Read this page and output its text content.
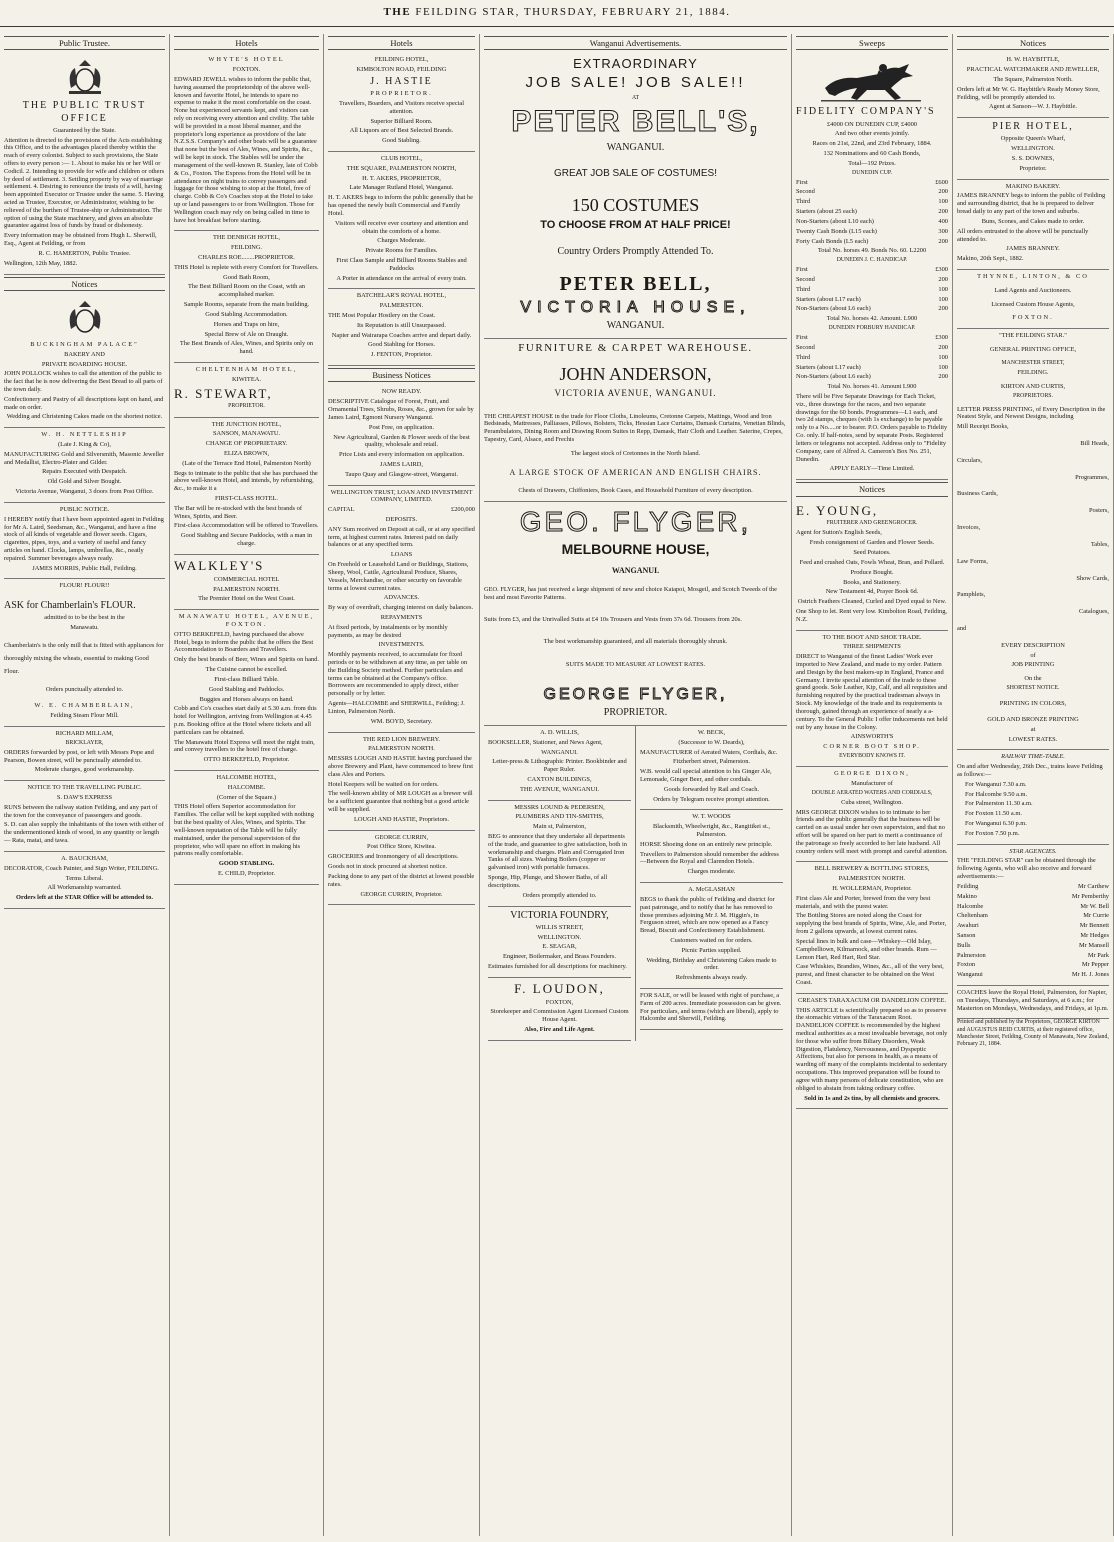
THE FEILDING STAR, THURSDAY, FEBRUARY 21, 1884.
Public Trustee.

THE PUBLIC TRUST OFFICE

Guaranteed by the State.

Attention is directed to the provisions of the Acts establishing this Office, and to the advantages placed thereby within the reach of every colonist. Subject to such provisions, the State offers to every person :— 1. About to make his or her Will or Codicil. 2. Intending to provide for wife and children or others by deed of settlement. 3. Settling property by way of marriage settlement. 4. Desiring to renounce the trusts of a will, having been appointed Executor or Trustee under the same. 5. Having acted as Trustee, Executor, or Administrator, wishing to be relieved of the burthen of Trustee-ship or Administration. The option of using the State machinery, and gives an absolute guarantee against loss of funds by fraud or dishonesty.

Every information may be obtained from Hugh L. Sherwill, Esq., Agent at Feilding, or from

R. C. HAMERTON, Public Trustee.

Wellington, 12th May, 1882.

Notices

BUCKINGHAM PALACE"

BAKERY AND

PRIVATE BOARDING HOUSE.

JOHN POLLOCK wishes to call the attention of the public to the fact that he is now delivering the Best Bread to all parts of the town daily.

Confectionery and Pastry of all descriptions kept on hand, and made on order.

Wedding and Christening Cakes made on the shortest notice.

W. H. NETTLESHIP

(Late J. King & Co),

MANUFACTURING Gold and Silversmith, Masonic Jeweller and Medallist, Electro-Plater and Gilder.

Repairs Executed with Despatch.

Old Gold and Silver Bought.

Victoria Avenue, Wanganui, 3 doors from Post Office.

PUBLIC NOTICE.

I HEREBY notify that I have been appointed agent in Feilding for Mr A. Laird, Seedsman, &c., Wanganui, and have a fine stock of all kinds of vegetable and flower seeds. Cigars, cigarettes, pipes, toys, and a variety of useful and fancy articles on hand. Clocks, lamps, umbrellas, &c., neatly repaired. Summer beverages always ready.

JAMES MORRIS, Public Hall, Feilding.

FLOUR! FLOUR!!

ASK for Chamberlain's FLOUR.

admitted to to be the best in the

Manawatu.

Chamberlain's is the only mill that is fitted with appliances for thoroughly mixing the wheats, essential to making Good Flour.

Orders punctually attended to.

W. E. CHAMBERLAIN,

Feilding Steam Flour Mill.

RICHARD MILLAM,

BRICKLAYER,

ORDERS forwarded by post, or left with Messrs Pope and Pearson, Bowen street, will be punctually attended to.

Moderate charges, good workmanship.

NOTICE TO THE TRAVELLING PUBLIC.

S. DAW'S EXPRESS

RUNS between the railway station Feilding, and any part of the town for the conveyance of passengers and goods.

S. D. can also supply the inhabitants of the town with either of the undermentioned kinds of wood, in any quantity or length— Rata, matai, and tawa.

A. BAUCKHAM,

DECORATOR, Coach Painter, and Sign Writer, FEILDING.

Terms Liberal.

All Workmanship warranted.

Orders left at the STAR Office will be attended to.

Hotels

WHYTE'S HOTEL

FOXTON.

EDWARD JEWELL wishes to inform the public that, having assumed the proprietorship of the above well-known and favorite Hotel, he intends to spare no expense to make it the most comfortable on the coast. None but experienced servants kept, and visitors can rely on receiving every attention and civility. The table will be provided in a most liberal manner, and the proprietor's long experience as providore of the late N.Z.S.S. Company's and other boats will be a guarantee that none but the best of Ales, Wines, and Spirits, &c., will be kept in stock. The Stables will be under the management of the well-known R. Stanley, late of Cobb & Co., Foxton. The Express from the Hotel will be in attendance on night trains to convey passengers and luggage for those wishing to stop at the Hotel, free of charge. Cobb & Co's Coaches stop at the Hotel to take up or land passengers to or from Wellington. Those for Wellington coach may rely on being called in time to have hot breakfast before starting.

THE DENBIGH HOTEL,

FEILDING.

CHARLES ROE........PROPRIETOR.

THIS Hotel is replete with every Comfort for Travellers.

Good Bath Room,

The Best Billiard Room on the Coast, with an accomplished marker.

Sample Rooms, separate from the main building.

Good Stabling Accommodation.

Horses and Traps on hire,

Special Brew of Ale on Draught.

The Best Brands of Ales, Wines, and Spirits only on hand.

CHELTENHAM HOTEL,

KIWITEA.

R. STEWART,

PROPRIETOR.

THE JUNCTION HOTEL,

SANSON, MANAWATU.

CHANGE OF PROPRIETARY.

ELIZA BROWN,

(Late of the Terrace End Hotel, Palmerston North)

Begs to intimate to the public that she has purchased the above well-known Hotel, and intends, by refurnishing, &c., to make it a

FIRST-CLASS HOTEL.

The Bar will be re-stocked with the best brands of Wines, Spirits, and Beer.

First-class Accommodation will be offered to Travellers.

Good Stabling and Secure Paddocks, with a man in charge.

WALKLEY'S

COMMERCIAL HOTEL

PALMERSTON NORTH.

The Premier Hotel on the West Coast.

MANAWATU HOTEL, AVENUE, FOXTON.

OTTO BERKEFELD, having purchased the above Hotel, begs to inform the public that he offers the Best Accommodation to Boarders and Travellers.

Only the best brands of Beer, Wines and Spirits on hand.

The Cuisine cannot be excelled.

First-class Billiard Table.

Good Stabling and Paddocks.

Buggies and Horses always on hand.

Cobb and Co's coaches start daily at 5.30 a.m. from this hotel for Wellington, arriving from Wellington at 4.45 p.m. Booking office at the Hotel where tickets and all particulars can be obtained.

The Manawatu Hotel Express will meet the night train, and convey travellers to the hotel free of charge.

OTTO BERKEFELD, Proprietor.

HALCOMBE HOTEL,

HALCOMBE.

(Corner of the Square.)

THIS Hotel offers Superior accommodation for Families. The cellar will be kept supplied with nothing but the best quality of Ales, Wines, and Spirits. The well-known reputation of the Table will be fully maintained, under the personal supervision of the proprietor, who will spare no effort in making his patrons really comfortable.

GOOD STABLING.

E. CHILD, Proprietor.

Hotels

FEILDING HOTEL,

KIMBOLTON ROAD, FEILDING

J. HASTIE

PROPRIETOR.

Travellers, Boarders, and Visitors receive special attention.

Superior Billiard Room.

All Liquors are of Best Selected Brands.

Good Stabling.

CLUB HOTEL,

THE SQUARE, PALMERSTON NORTH,

H. T. AKERS, PROPRIETOR,

Late Manager Rutland Hotel, Wanganui.

H. T. AKERS begs to inform the public generally that he has opened the newly built Commercial and Family Hotel.

Visitors will receive ever courtesy and attention and obtain the comforts of a home.

Charges Moderate.

Private Rooms for Families.

First Class Sample and Billiard Rooms Stables and Paddocks

A Porter in attendance on the arrival of every train.

BATCHELAR'S ROYAL HOTEL,

PALMERSTON.

THE Most Popular Hostlery on the Coast.

Its Reputation is still Unsurpassed.

Napier and Wairarapa Coaches arrive and depart daily.

Good Stabling for Horses.

J. FENTON, Proprietor.

Business Notices

NOW READY.

DESCRIPTIVE Catalogue of Forest, Fruit, and Ornamental Trees, Shrubs, Roses, &c., grown for sale by James Laird, Egmont Nursery Wanganui.

Post Free, on application.

New Agricultural, Garden & Flower seeds of the best quality, wholesale and retail.

Price Lists and every information on application.

JAMES LAIRD,

Taupo Quay and Glasgow-street, Wanganui.

WELLINGTON TRUST, LOAN AND INVESTMENT COMPANY, LIMITED.

CAPITAL	£200,000

DEPOSITS.

ANY Sum received on Deposit at call, or at any specified term, at highest current rates. Interest paid on daily balances or at any specified term.

LOANS

On Freehold or Leasehold Land or Buildings, Stations, Sheep, Wool, Cattle, Agricultural Produce, Shares, Vessels, Merchandise, or other security on favorable terms at lowest current rates.

ADVANCES.

By way of overdraft, charging interest on daily balances.

REPAYMENTS

At fixed periods, by instalments or by monthly payments, as may be desired

INVESTMENTS.

Monthly payments received, to accumulate for fixed periods or to be withdrawn at any time, as per table on the Building Society method. Further particulars and terms can be obtained at the Company's office. Borrowers are recommended to apply direct, either personally or by letter.

Agents—HALCOMBE and SHERWILL, Feilding; J. Linton, Palmerston North.

WM. BOYD, Secretary.

THE RED LION BREWERY.

PALMERSTON NORTH.

MESSRS LOUGH AND HASTIE having purchased the above Brewery and Plant, have commenced to brew first class Ales and Porters.

Hotel Keepers will be waited on for orders.

The well-known ability of MR LOUGH as a brewer will be a sufficient guarantee that nothing but a good article will be supplied.

LOUGH AND HASTIE, Proprietors.

GEORGE CURRIN,

Post Office Store, Kiwitea.

GROCERIES and Ironmongery of all descriptions.

Goods not in stock procured at shortest notice.

Packing done to any part of the district at lowest possible rates.

GEORGE CURRIN, Proprietor.

Wanganui Advertisements.

EXTRAORDINARY

JOB SALE! JOB SALE!!

AT

PETER BELL'S,

WANGANUI.

GREAT JOB SALE OF COSTUMES!

150 COSTUMES

TO CHOOSE FROM AT HALF PRICE!

Country Orders Promptly Attended To.

PETER BELL,

VICTORIA HOUSE,

WANGANUI.

FURNITURE & CARPET WAREHOUSE.

JOHN ANDERSON,

VICTORIA AVENUE, WANGANUI.

THE CHEAPEST HOUSE in the trade for Floor Cloths, Linoleums, Cretonne Carpets, Mattings, Wood and Iron Bedsteads, Mattresses, Palliasses, Pillows, Bolsters, Ticks, Hessian Lace Curtains, Damask Curtains, Venetian Blinds, Perambulators, Dining Room and Drawing Room Suites in Repp, Damask, Hair Cloth and Leather. Saterine, Crepes, Tapestry, Card, Alsace, and Frechis

The largest stock of Cretonnes in the North Island.

A LARGE STOCK OF AMERICAN AND ENGLISH CHAIRS.

Chests of Drawers, Chiffoniers, Book Cases, and Household Furniture of every description.

GEO. FLYGER,

MELBOURNE HOUSE,

WANGANUI.

GEO. FLYGER, has just received a large shipment of new and choice Kaiapoi, Mosgeil, and Scotch Tweeds of the best and most Favorite Patterns.

Suits from £3, and the Unrivalled Suits at £4 10s Trousers and Vests from 37s 6d. Trousers from 20s.

The best workmanship guaranteed, and all materials thoroughly shrunk.

SUITS MADE TO MEASURE AT LOWEST RATES.

GEORGE FLYGER,

PROPRIETOR.

A. D. WILLIS,

BOOKSELLER, Stationer, and News Agent,

WANGANUI.

Letter-press & Lithographic Printer. Bookbinder and Paper Ruler.

CAXTON BUILDINGS,

THE AVENUE, WANGANUI.

MESSRS LOUND & PEDERSEN,

PLUMBERS AND TIN-SMITHS,

Main st, Palmerston,

BEG to announce that they undertake all departments of the trade, and guarantee to give satisfaction, both in workmanship and charges. Plain and Corrugated Iron Tanks of all sizes. Washing Boilers (copper or galvanised iron) with portable furnaces.

Sponge, Hip, Plunge, and Shower Baths, of all descriptions.

Orders promptly attended to.

VICTORIA FOUNDRY,

WILLIS STREET,

WELLINGTON.

E. SEAGAR,

Engineer, Boilermaker, and Brass Founders.

Estimates furnished for all descriptions for machinery.

F. LOUDON,

FOXTON,

Storekeeper and Commission Agent Licensed Custom House Agent.

Also, Fire and Life Agent.

W. BECK,

(Successor to W. Deards),

MANUFACTURER of Aerated Waters, Cordials, &c.

Fitzherbert street, Palmerston.

W.B. would call special attention to his Ginger Ale, Lemonade, Ginger Beer, and other cordials.

Goods forwarded by Rail and Coach.

Orders by Telegram receive prompt attention.

W. T. WOODS

Blacksmith, Wheelwright, &c., Rangitikei st., Palmerston.

HORSE Shoeing done on an entirely new principle.

Travellers to Palmerston should remember the address—Between the Royal and Clarendon Hotels.

Charges moderate.

A. McGLASHAN

BEGS to thank the public of Feilding and district for past patronage, and to notify that he has removed to those premises adjoining Mr J. M. Higgin's, in Ferguson street, which are now opened as a Fancy Bread, Biscuit and Confectionery Establishment.

Customers waited on for orders.

Picnic Parties supplied.

Wedding, Birthday and Christening Cakes made to order.

Refreshments always ready.

FOR SALE, or will be leased with right of purchase, a Farm of 200 acres. Immediate possession can be given. For particulars, and terms (which are liberal), apply to Halcombe and Sherwill, Feilding.

Sweeps

FIDELITY COMPANY'S

£4000 ON DUNEDIN CUP, £4000

And two other events jointly.

Races on 21st, 22nd, and 23rd February, 1884.

132 Nominations and 60 Cash Bonds,

Total—192 Prizes.

DUNEDIN CUP.

First	£600

Second	200

Third	100

Starters (about 25 each)	200

Non-Starters (about L10 each)	400

Twenty Cash Bonds (L15 each)	300

Forty Cash Bonds (L5 each)	200

Total No. horses 49. Bonds No. 60. L2200

DUNEDIN J. C. HANDICAP.

First	£300

Second	200

Third	100

Starters (about L17 each)	100

Non-Starters (about L6 each)	200

Total No. horses 42. Amount. L900

DUNEDIN FORBURY HANDICAP.

First	£300

Second	200

Third	100

Starters (about L17 each)	100

Non-Starters (about L6 each)	200

Total No. horses 41. Amount L900

There will be Five Separate Drawings for Each Ticket, viz., three drawings for the races, and two separate drawings for the 60 bonds. Programmes—L1 each, and two 2d stamps, cheques (with 1s exchange) to be payable only to a No.....or to bearer. P.O. Orders payable to Fidelity Co. only. If half-notes, send by separate Posts. Registered letters or telegrams not accepted. Address only to "Fidelity Company, care of Alfred A. Cameron's Box No. 251, Dunedin.

APPLY EARLY—Time Limited.

Notices

E. YOUNG,

FRUITERER AND GREENGROCER.

Agent for Sutton's English Seeds,

Fresh consignment of Garden and Flower Seeds.

Seed Potatoes.

Feed and crushed Oats, Fowls Wheat, Bran, and Pollard.

Produce Bought.

Books, and Stationery.

New Testament 4d, Prayer Book 6d.

Ostrich Feathers Cleaned, Curled and Dyed equal to New.

One Shop to let. Rent very low. Kimbolton Road, Feilding, N.Z.

TO THE BOOT AND SHOE TRADE.

THREE SHIPMENTS

DIRECT to Wanganui of the finest Ladies' Work ever imported to New Zealand, and made to my order. Pattern and Design by the best makers-up in England, France and Germany. I invite special attention of the trade to these grand goods. Sole Leather, Kip, Calf, and all requisites and furnishing required by the practical tradesman always in Stock. My knowledge of the trade and its requirements is thorough, gained through an experience of nearly a a-century. To the General Public I offer inducements not held out by any house in the Colony.

AINSWORTH'S

CORNER BOOT SHOP.

EVERYBODY KNOWS IT.

GEORGE DIXON,

Manufacturer of

DOUBLE AERATED WATERS AND CORDIALS,

Cuba street, Wellington.

MRS GEORGE DIXON wishes to to intimate to her friends and the public generally that the business will be carried on as usual under her own supervision, and that no effort will be spared on her part to merit a continuance of the patronage so freely accorded to her late husband. All country orders will meet with prompt and careful attention.

BELL BREWERY & BOTTLING STORES,

PALMERSTON NORTH.

H. WOLLERMAN, Proprietor.

First class Ale and Porter, brewed from the very best materials, and with the purest water.

The Bottling Stores are noted along the Coast for supplying the best brands of Spirits, Wine, Ale, and Porter, from 2 gallons upwards, at lowest current rates.

Special lines in bulk and case—Whiskey—Old Islay, Campbelltown, Kilmarnock, and other brands. Rum —Lemon Hart, Red Hart, Red Star.

Case Whiskies, Brandies, Wines, &c., all of the very best, purest, and finest character to be obtained on the West Coast.

CREASE'S TARAXACUM OR DANDELION COFFEE.

THIS ARTICLE is scientifically prepared so as to preserve the stomachic virtues of the Taraxacum Root. DANDELION COFFEE is recommended by the highest medical authorities as a most invaluable beverage, not only for those who suffer from Biliary Disorders, Weak Digestion, Flatulency, Nervousness, and Dyspeptic Affections, but also for persons in health, as a means of warding off many of the complaints incidental to sedentary occupations. This improved preparation will be found to agree with many persons of delicate constitution, who are obliged to abstain from taking ordinary coffee.

Sold in 1s and 2s tins, by all chemists and grocers.

Notices

H. W. HAYBITTLE,

PRACTICAL WATCHMAKER AND JEWELLER,

The Square, Palmerston North.

Orders left at Mr W. G. Haybittle's Ready Money Store, Feilding, will be promptly attended to.

Agent at Sanson—W. J. Haybittle.

PIER HOTEL,

Opposite Queen's Wharf,

WELLINGTON.

S. S. DOWNES,

Proprietor.

MAKINO BAKERY.

JAMES BRANNEY begs to inform the public of Feilding and surrounding district, that he is prepared to deliver bread daily to any part of the town and suburbs.

Buns, Scones, and Cakes made to order.

All orders entrusted to the above will be punctually attended to.

JAMES BRANNEY.

Makino, 20th Sept., 1882.

THYNNE, LINTON, & CO

Land Agents and Auctioneers.

Licensed Custom House Agents,

FOXTON.

"THE FEILDING STAR."

GENERAL PRINTING OFFICE,

MANCHESTER STREET,

FEILDING.

KIRTON AND CURTIS,

PROPRIETORS.

LETTER PRESS PRINTING, of Every Description in the Neatest Style, and Newest Designs, including

Mill Receipt Books,

Bill Heads,

Circulars,

Programmes,

Business Cards,

Posters,

Invoices,

Tables,

Law Forms,

Show Cards,

Pamphlets,

Catalogues,

and

EVERY DESCRIPTION

of

JOB PRINTING

On the

SHORTEST NOTICE.

PRINTING IN COLORS,

GOLD AND BRONZE PRINTING

at

LOWEST RATES.

RAILWAY TIME-TABLE.

On and after Wednesday, 26th Dec., trains leave Feilding as follows:—

For Wanganui 7.30 a.m.

For Halcombe 9.50 a.m.

For Palmerston 11.30 a.m.

For Foxton 11.50 a.m.

For Wanganui 6.30 p.m.

For Foxton 7.50 p.m.

STAR AGENCIES.

THE "FEILDING STAR" can be obtained through the following Agents, who will also receive and forward advertisements:—

Feilding	Mr Carthew

Makino	Mr Pemberthy

Halcombe	Mr W. Bell

Cheltenham	Mr Currie

Awahuri	Mr Bennett

Sanson	Mr Hedges

Bulls	Mr Mansell

Palmerston	Mr Park

Foxton	Mr Pepper

Wanganui	Mr H. J. Jones

COACHES leave the Royal Hotel, Palmerston, for Napier, on Tuesdays, Thursdays, and Saturdays, at 6 a.m.; for Masterton on Mondays, Wednesdays, and Fridays, at 1p.m.

Printed and published by the Proprietors, GEORGE KIRTON and AUGUSTUS REID CURTIS, at their registered office, Manchester Street, Feilding, County of Manawatu, New Zealand, February 21, 1884.
